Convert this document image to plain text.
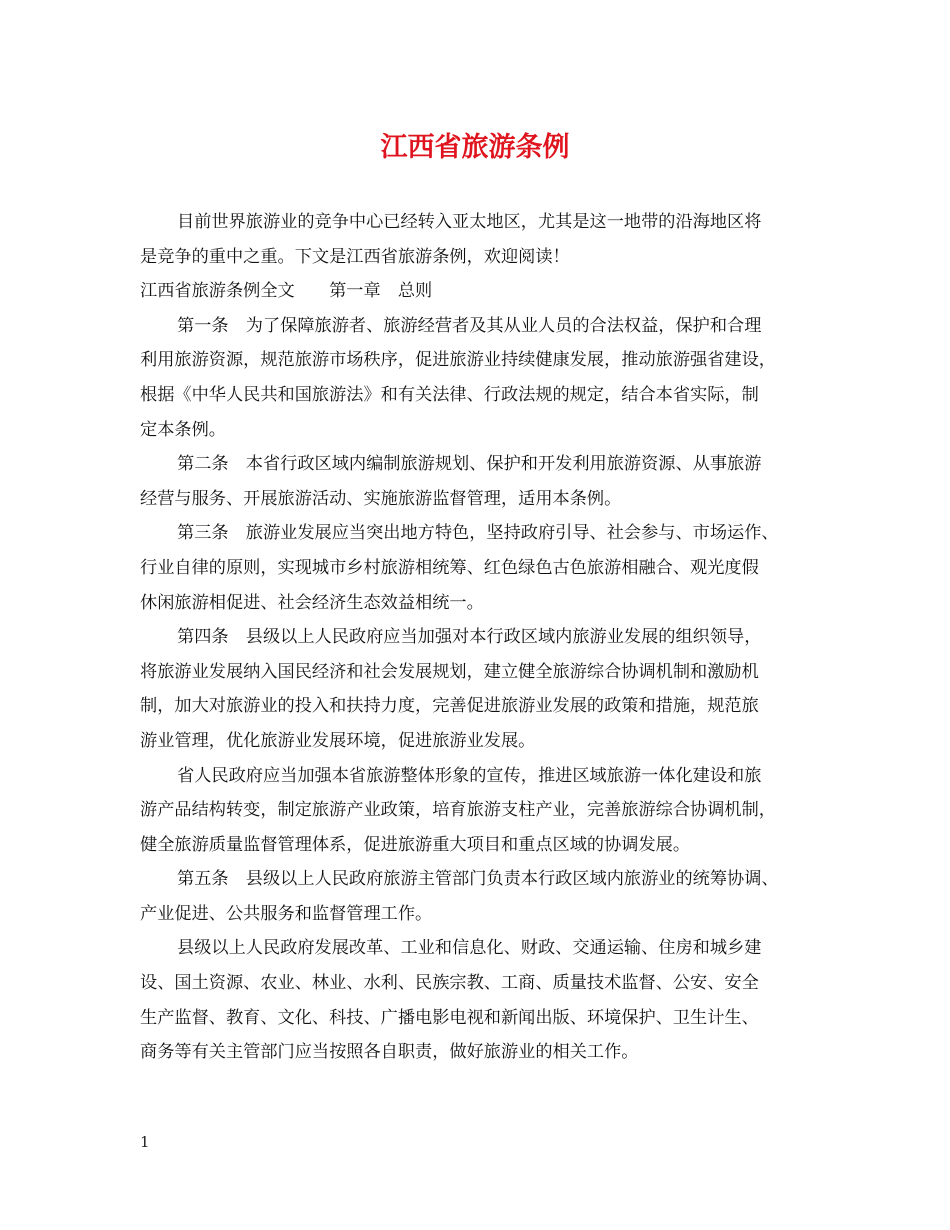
江西省旅游条例
目前世界旅游业的竞争中心已经转入亚太地区，尤其是这一地带的沿海地区将
是竞争的重中之重。下文是江西省旅游条例，欢迎阅读！
江西省旅游条例全文　　第一章　总则
第一条　为了保障旅游者、旅游经营者及其从业人员的合法权益，保护和合理
利用旅游资源，规范旅游市场秩序，促进旅游业持续健康发展，推动旅游强省建设，
根据《中华人民共和国旅游法》和有关法律、行政法规的规定，结合本省实际，制
定本条例。
第二条　本省行政区域内编制旅游规划、保护和开发利用旅游资源、从事旅游
经营与服务、开展旅游活动、实施旅游监督管理，适用本条例。
第三条　旅游业发展应当突出地方特色，坚持政府引导、社会参与、市场运作、
行业自律的原则，实现城市乡村旅游相统筹、红色绿色古色旅游相融合、观光度假
休闲旅游相促进、社会经济生态效益相统一。
第四条　县级以上人民政府应当加强对本行政区域内旅游业发展的组织领导，
将旅游业发展纳入国民经济和社会发展规划，建立健全旅游综合协调机制和激励机
制，加大对旅游业的投入和扶持力度，完善促进旅游业发展的政策和措施，规范旅
游业管理，优化旅游业发展环境，促进旅游业发展。
省人民政府应当加强本省旅游整体形象的宣传，推进区域旅游一体化建设和旅
游产品结构转变，制定旅游产业政策，培育旅游支柱产业，完善旅游综合协调机制，
健全旅游质量监督管理体系，促进旅游重大项目和重点区域的协调发展。
第五条　县级以上人民政府旅游主管部门负责本行政区域内旅游业的统筹协调、
产业促进、公共服务和监督管理工作。
县级以上人民政府发展改革、工业和信息化、财政、交通运输、住房和城乡建
设、国土资源、农业、林业、水利、民族宗教、工商、质量技术监督、公安、安全
生产监督、教育、文化、科技、广播电影电视和新闻出版、环境保护、卫生计生、
商务等有关主管部门应当按照各自职责，做好旅游业的相关工作。
1
